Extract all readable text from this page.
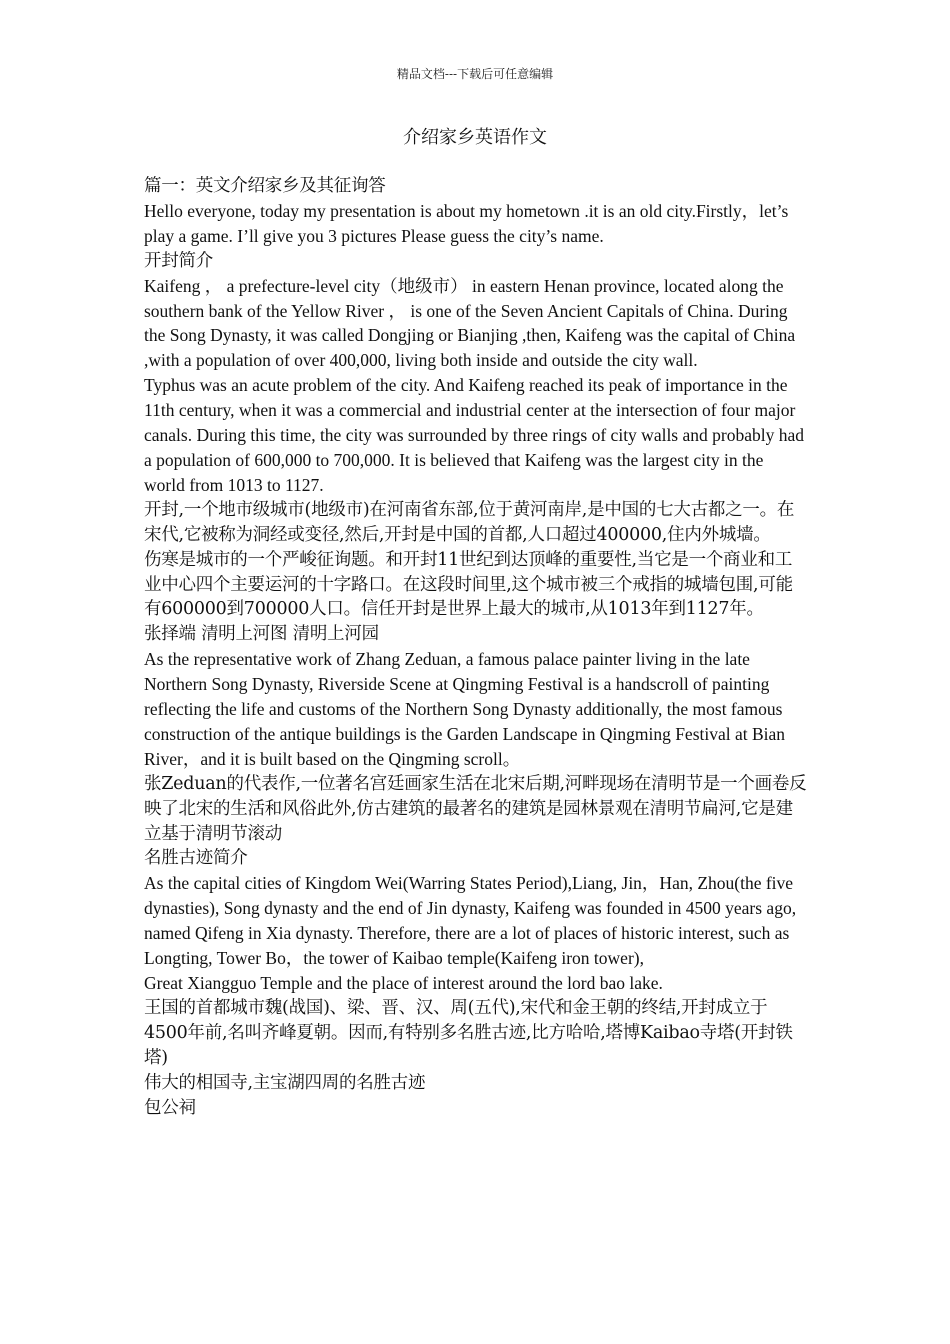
精品文档---下载后可任意编辑
介绍家乡英语作文

篇一：英文介绍家乡及其征询答

Hello everyone, today my presentation is about my hometown .it is an old city.Firstly，let’s play a game. I’ll give you 3 pictures Please guess the city’s name.

开封简介

Kaifeng ， a prefecture-level city（地级市） in eastern Henan province, located along the southern bank of the Yellow River ， is one of the Seven Ancient Capitals of China. During the Song Dynasty, it was called Dongjing or Bianjing ,then, Kaifeng was the capital of China ,with a population of over 400,000, living both inside and outside the city wall.

Typhus was an acute problem of the city. And Kaifeng reached its peak of importance in the 11th century, when it was a commercial and industrial center at the intersection of four major canals. During this time, the city was surrounded by three rings of city walls and probably had a population of 600,000 to 700,000. It is believed that Kaifeng was the largest city in the world from 1013 to 1127.

开封,一个地市级城市(地级市)在河南省东部,位于黄河南岸,是中国的七大古都之一。在宋代,它被称为洞经或变径,然后,开封是中国的首都,人口超过400000,住内外城墙。

伤寒是城市的一个严峻征询题。和开封11世纪到达顶峰的重要性,当它是一个商业和工业中心四个主要运河的十字路口。在这段时间里,这个城市被三个戒指的城墙包围,可能有600000到700000人口。信任开封是世界上最大的城市,从1013年到1127年。

张择端 清明上河图 清明上河园

As the representative work of Zhang Zeduan, a famous palace painter living in the late Northern Song Dynasty, Riverside Scene at Qingming Festival is a handscroll of painting reflecting the life and customs of the Northern Song Dynasty additionally, the most famous construction of the antique buildings is the Garden Landscape in Qingming Festival at Bian River，and it is built based on the Qingming scroll。

张Zeduan的代表作,一位著名宫廷画家生活在北宋后期,河畔现场在清明节是一个画卷反映了北宋的生活和风俗此外,仿古建筑的最著名的建筑是园林景观在清明节扁河,它是建立基于清明节滚动

名胜古迹简介

As the capital cities of Kingdom Wei(Warring States Period),Liang, Jin，Han, Zhou(the five dynasties), Song dynasty and the end of Jin dynasty, Kaifeng was founded in 4500 years ago, named Qifeng in Xia dynasty. Therefore, there are a lot of places of historic interest, such as Longting, Tower Bo，the tower of Kaibao temple(Kaifeng iron tower),

Great Xiangguo Temple and the place of interest around the lord bao lake.

王国的首都城市魏(战国)、梁、晋、汉、周(五代),宋代和金王朝的终结,开封成立于4500年前,名叫齐峰夏朝。因而,有特别多名胜古迹,比方哈哈,塔博Kaibao寺塔(开封铁塔)

伟大的相国寺,主宝湖四周的名胜古迹

包公祠
